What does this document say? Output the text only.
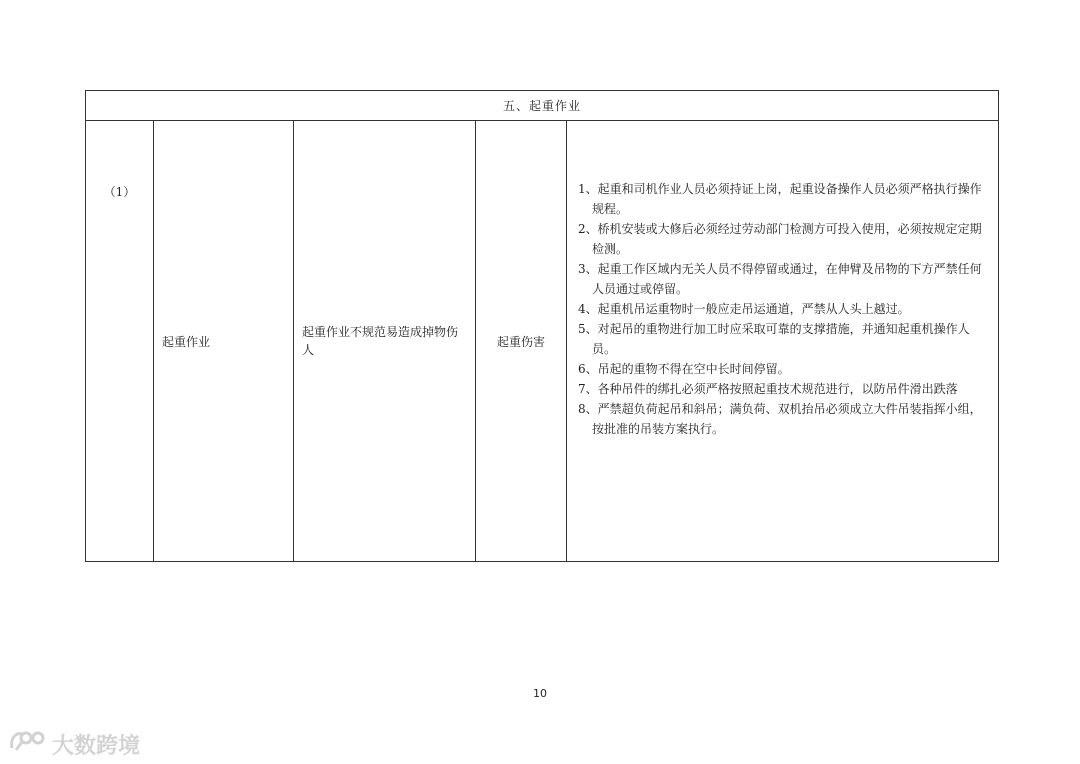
五、起重作业
（1）	起重作业	起重作业不规范易造成掉物伤人	起重伤害	
1、起重和司机作业人员必须持证上岗，起重设备操作人员必须严格执行操作规程。
2、桥机安装或大修后必须经过劳动部门检测方可投入使用，必须按规定定期检测。
3、起重工作区域内无关人员不得停留或通过，在伸臂及吊物的下方严禁任何人员通过或停留。
4、起重机吊运重物时一般应走吊运通道，严禁从人头上越过。
5、对起吊的重物进行加工时应采取可靠的支撑措施，并通知起重机操作人员。
6、吊起的重物不得在空中长时间停留。
7、各种吊件的绑扎必须严格按照起重技术规范进行，以防吊件滑出跌落
8、严禁超负荷起吊和斜吊；满负荷、双机抬吊必须成立大件吊装指挥小组，按批准的吊装方案执行。
10
大数跨境
